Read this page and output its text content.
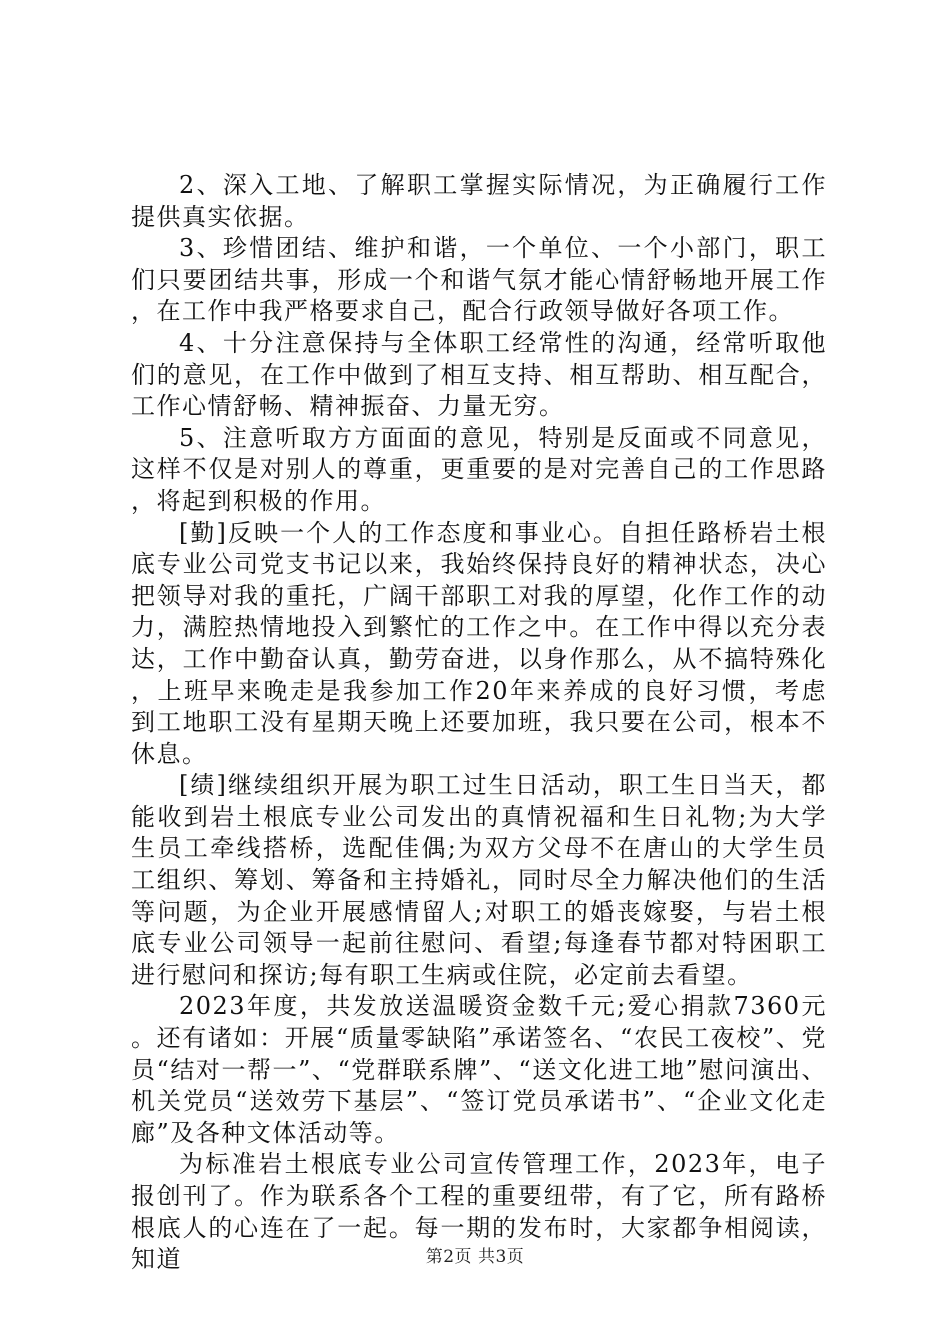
2、深入工地、了解职工掌握实际情况，为正确履行工作提供真实依据。

3、珍惜团结、维护和谐，一个单位、一个小部门，职工们只要团结共事，形成一个和谐气氛才能心情舒畅地开展工作，在工作中我严格要求自己，配合行政领导做好各项工作。

4、十分注意保持与全体职工经常性的沟通，经常听取他们的意见，在工作中做到了相互支持、相互帮助、相互配合，工作心情舒畅、精神振奋、力量无穷。

5、注意听取方方面面的意见，特别是反面或不同意见，这样不仅是对别人的尊重，更重要的是对完善自己的工作思路，将起到积极的作用。

[勤]反映一个人的工作态度和事业心。自担任路桥岩土根底专业公司党支书记以来，我始终保持良好的精神状态，决心把领导对我的重托，广阔干部职工对我的厚望，化作工作的动力，满腔热情地投入到繁忙的工作之中。在工作中得以充分表达，工作中勤奋认真，勤劳奋进，以身作那么，从不搞特殊化，上班早来晚走是我参加工作20年来养成的良好习惯，考虑到工地职工没有星期天晚上还要加班，我只要在公司，根本不休息。

[绩]继续组织开展为职工过生日活动，职工生日当天，都能收到岩土根底专业公司发出的真情祝福和生日礼物;为大学生员工牵线搭桥，选配佳偶;为双方父母不在唐山的大学生员工组织、筹划、筹备和主持婚礼，同时尽全力解决他们的生活等问题，为企业开展感情留人;对职工的婚丧嫁娶，与岩土根底专业公司领导一起前往慰问、看望;每逢春节都对特困职工进行慰问和探访;每有职工生病或住院，必定前去看望。

2023年度，共发放送温暖资金数千元;爱心捐款7360元。还有诸如：开展“质量零缺陷”承诺签名、“农民工夜校”、党员“结对一帮一”、“党群联系牌”、“送文化进工地”慰问演出、机关党员“送效劳下基层”、“签订党员承诺书”、“企业文化走廊”及各种文体活动等。

为标准岩土根底专业公司宣传管理工作，2023年，电子报创刊了。作为联系各个工程的重要纽带，有了它，所有路桥根底人的心连在了一起。每一期的发布时，大家都争相阅读，知道	第2页 共3页
